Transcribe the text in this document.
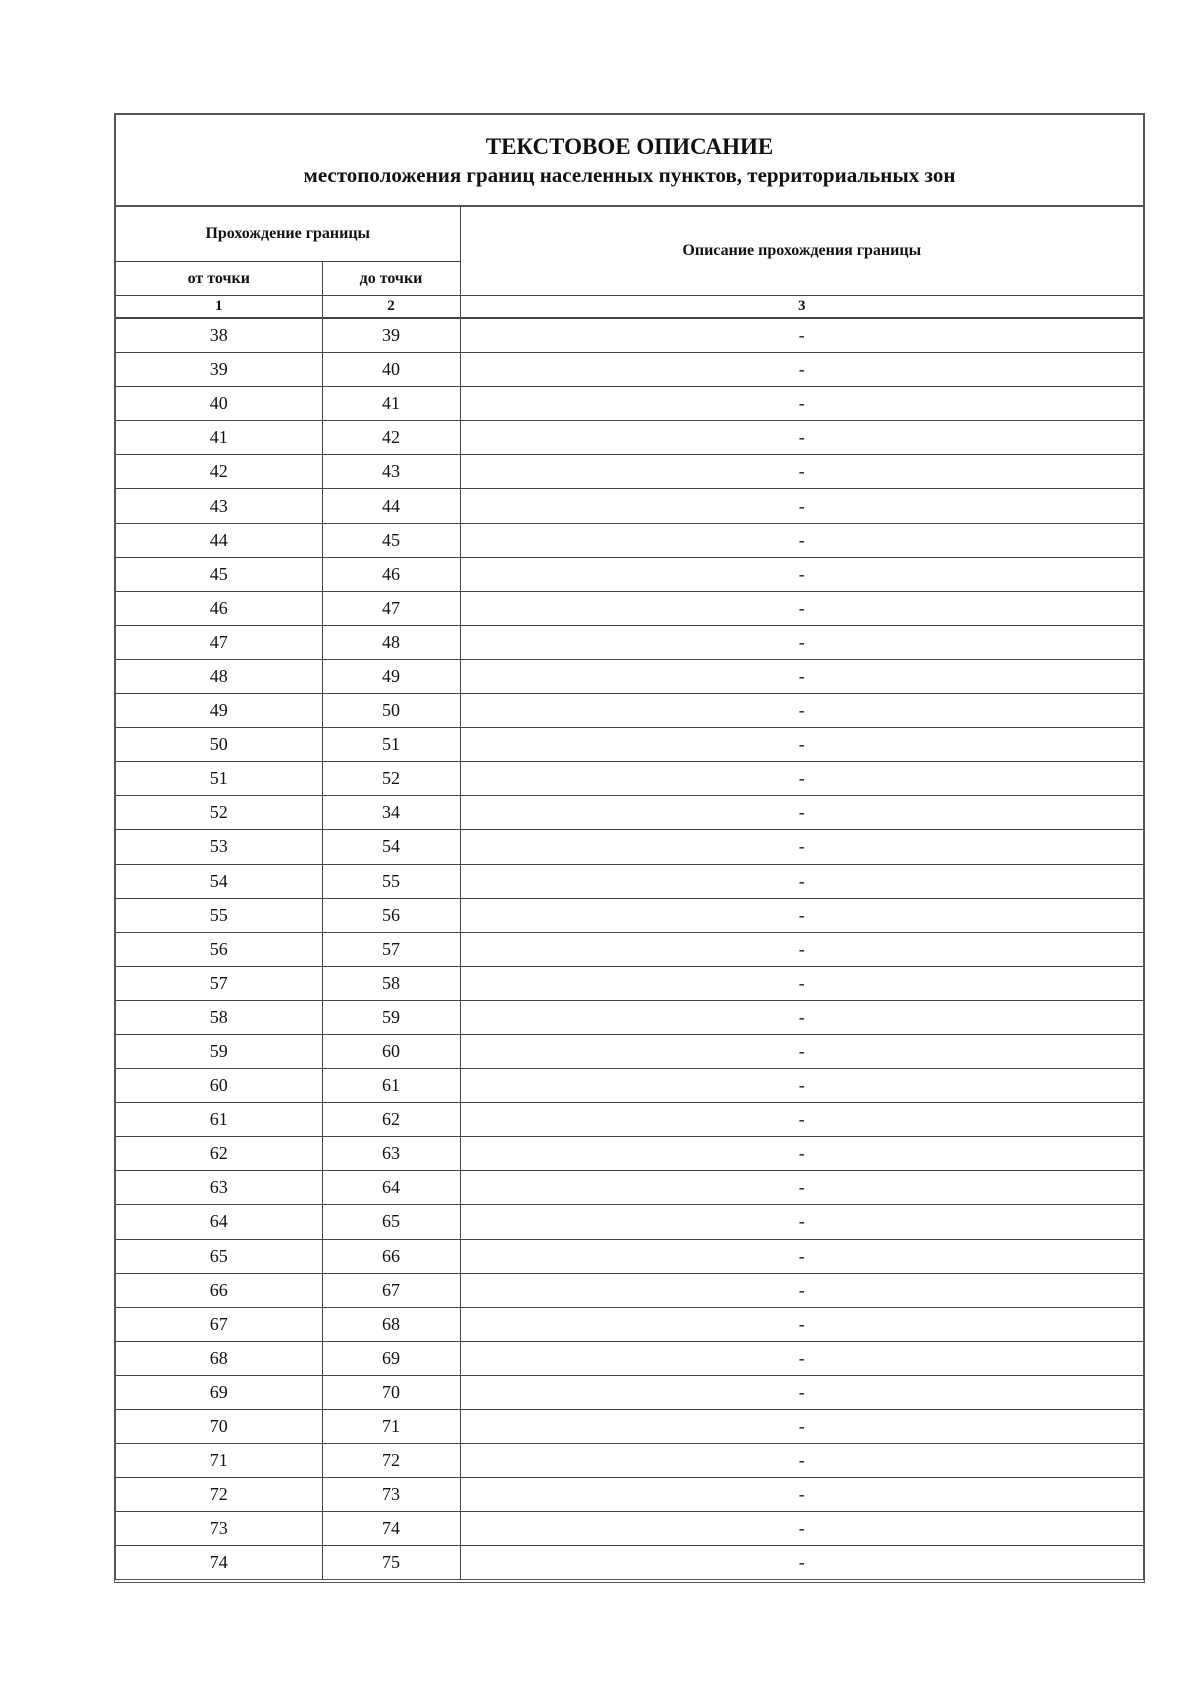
ТЕКСТОВОЕ ОПИСАНИЕ
местоположения границ населенных пунктов, территориальных зон
Прохождение границы		Описание прохождения границы
от точки	до точки	
1	2	3
38	39	-
39	40	-
40	41	-
41	42	-
42	43	-
43	44	-
44	45	-
45	46	-
46	47	-
47	48	-
48	49	-
49	50	-
50	51	-
51	52	-
52	34	-
53	54	-
54	55	-
55	56	-
56	57	-
57	58	-
58	59	-
59	60	-
60	61	-
61	62	-
62	63	-
63	64	-
64	65	-
65	66	-
66	67	-
67	68	-
68	69	-
69	70	-
70	71	-
71	72	-
72	73	-
73	74	-
74	75	-
